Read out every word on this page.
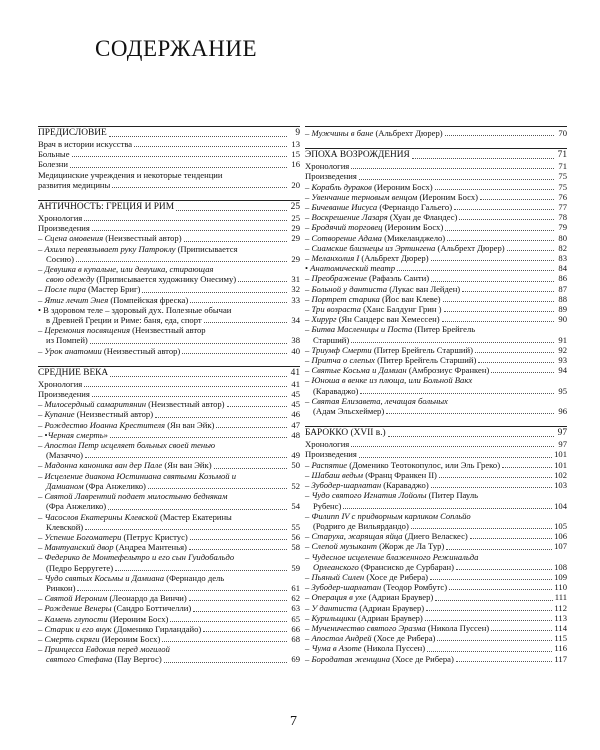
СОДЕРЖАНИЕ
ПРЕДИСЛОВИЕ	9
Врач в истории искусства	13
Больные	15
Болезни	16
Медицинские учреждения и некоторые тенденции
развития медицины	20
АНТИЧНОСТЬ: ГРЕЦИЯ И РИМ	25
Хронология	25
Произведения	29
– Сцена омовения (Неизвестный автор)	29
– Ахилл перевязывает руку Патроклу (Приписывается
Сосию)	29
– Девушка в купальне, или девушка, стирающая
свою одежду (Приписывается художнику Онесиму)	31
– После пира (Мастер Бриг)	32
– Ятиг лечит Энея (Помпейская фреска)	33
• В здоровом теле – здоровый дух. Полезные обычаи
в Древней Греции и Риме: баня, еда, спорт	34
– Церемония посвящения (Неизвестный автор
из Помпей)	38
– Урок анатомии (Неизвестный автор)	40
СРЕДНИЕ ВЕКА	41
Хронология	41
Произведения	45
– Милосердный самаритянин (Неизвестный автор)	45
– Купание (Неизвестный автор)	46
– Рождество Иоанна Крестителя (Ян ван Эйк)	47
– •Черная смерть»	48
– Апостол Петр исцеляет больных своей тенью
(Мазаччо)	49
– Мадонна каноника ван дер Пале (Ян ван Эйк)	50
– Исцеление диакона Юстиниана святыми Козьмой и
Дамианом (Фра Анжелико)	52
– Святой Лаврентий подает милостыню беднякам
(Фра Анжелико)	54
– Часослов Екатерины Клевской (Мастер Екатерины
Клевской)	55
– Успение Богоматери (Петрус Кристус)	56
– Мантуанский двор (Андреа Мантенья)	58
– Федерико де Монтефельтро и его сын Гуидобальдо
(Педро Берругете)	59
– Чудо святых Косьмы и Дамиана (Фернандо дель
Ринкон)	61
– Святой Иероним (Леонардо да Винчи)	62
– Рождение Венеры (Сандро Боттичелли)	63
– Камень глупости (Иероним Босх)	65
– Старик и его внук (Доменико Гирландайо)	66
– Смерть скряги (Иероним Босх)	68
– Принцесса Евдокия перед могилой
святого Стефана (Пау Вергос)	69
– Мужчины в бане (Альбрехт Дюрер)	70
ЭПОХА ВОЗРОЖДЕНИЯ	71
Хронология	71
Произведения	75
– Корабль дураков (Иероним Босх)	75
– Увенчание терновым венцом (Иероним Босх)	76
– Бичевание Иисуса (Фернандо Гальего)	77
– Воскрешение Лазаря (Хуан де Фландес)	78
– Бродячий торговец (Иероним Босх)	79
– Сотворение Адама (Микеланджело)	80
– Сиамские близнецы из Эртингена (Альбрехт Дюрер)	82
– Меланхолия I (Альбрехт Дюрер)	83
• Анатомический театр	84
– Преображение (Рафаэль Санти)	86
– Больной у дантиста (Лукас ван Лейден)	87
– Портрет старика (Йос ван Клеве)	88
– Три возраста (Ханс Балдунг Грин )	89
– Хирург (Ян Сандерс ван Хемессен)	90
– Битва Масленицы и Поста (Питер Брейгель
Старший)	91
– Триумф Смерти (Питер Брейгель Старший)	92
– Притча о слепых (Питер Брейгель Старший)	93
– Святые Косьма и Дамиан (Амброзиус Франкен)	94
– Юноша в венке из плюща, или Больной Вакх
(Караваджо)	95
– Святая Елизавета, лечащая больных
(Адам Эльсхеймер)	96
БАРОККО (XVII в.)	97
Хронология	97
Произведения	101
– Распятие (Доменико Теотокопулос, или Эль Греко)	101
– Шабаш ведьм (Франц Франкен II)	102
– Зубодер-шарлатан (Караваджо)	103
– Чудо святого Игнатия Лойолы (Питер Пауль
Рубенс)	104
– Филипп IV с придворным карликом Сопльйо
(Родриго де Вильярдандо)	105
– Старуха, жарящая яйца (Диего Веласкес)	106
– Слепой музыкант (Жорж де Ла Тур)	107
– Чудесное исцеление блаженного Режинальда
Орлеанского (Франсиско де Сурбаран)	108
– Пьяный Силен (Хосе де Рибера)	109
– Зубодер-шарлатан (Теодор Ромбутс)	110
– Операция в ухе (Адриан Браувер)	111
– У дантиста (Адриан Браувер)	112
– Курильщики (Адриан Браувер)	113
– Мученичество святого Эразма (Никола Пуссен)	114
– Апостол Андрей (Хосе де Рибера)	115
– Чума в Азоте (Никола Пуссен)	116
– Бородатая женщина (Хосе де Рибера)	117
7
